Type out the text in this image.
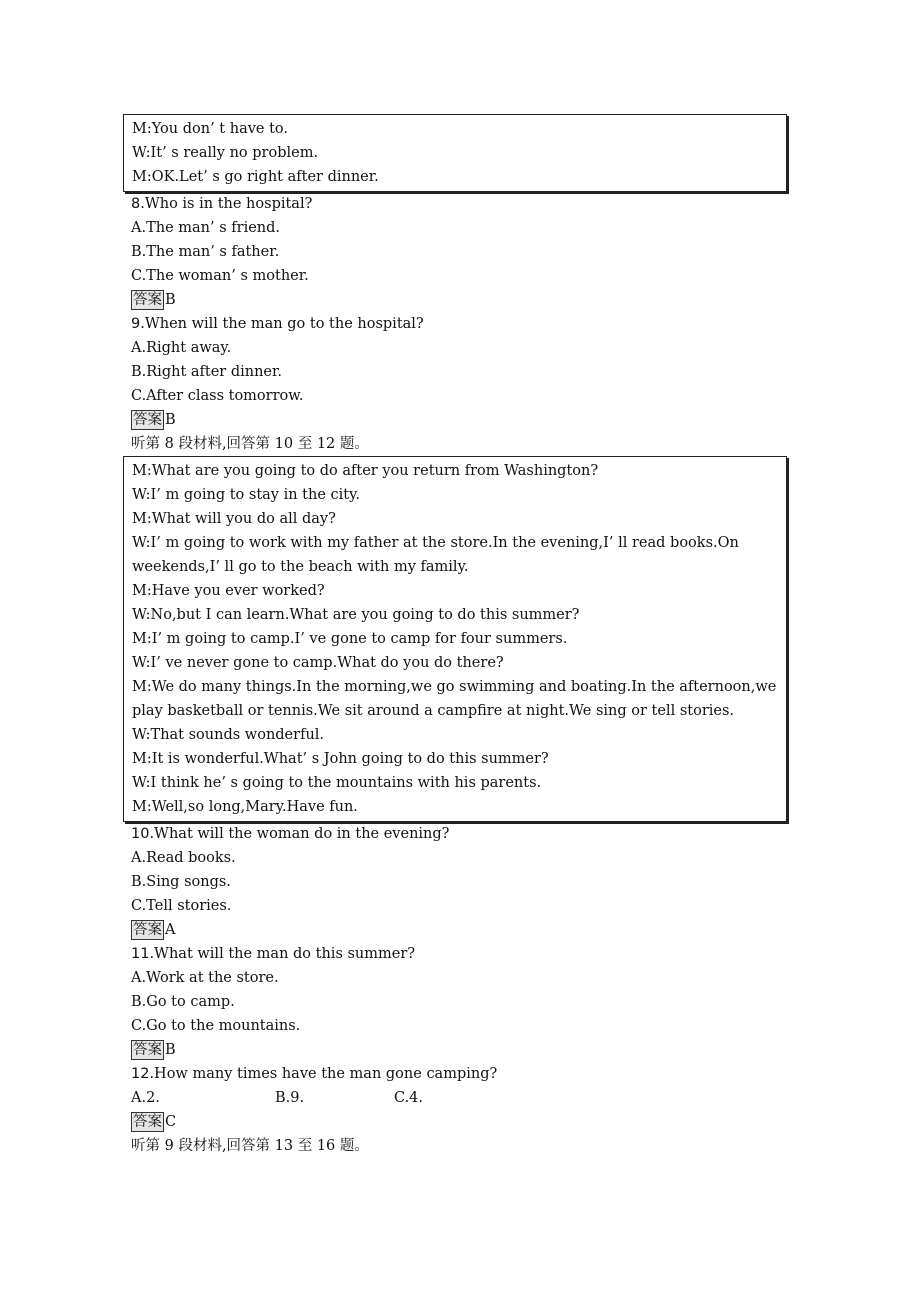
M:You don’ t have to.
W:It’ s really no problem.
M:OK.Let’ s go right after dinner.
8.Who is in the hospital?
A.The man’ s friend.
B.The man’ s father.
C.The woman’ s mother.
答案 B
9.When will the man go to the hospital?
A.Right away.
B.Right after dinner.
C.After class tomorrow.
答案 B
听第 8 段材料,回答第 10 至 12 题。
M:What are you going to do after you return from Washington?
W:I’ m going to stay in the city.
M:What will you do all day?
W:I’ m going to work with my father at the store.In the evening,I’ ll read books.On weekends,I’ ll go to the beach with my family.
M:Have you ever worked?
W:No,but I can learn.What are you going to do this summer?
M:I’ m going to camp.I’ ve gone to camp for four summers.
W:I’ ve never gone to camp.What do you do there?
M:We do many things.In the morning,we go swimming and boating.In the afternoon,we play basketball or tennis.We sit around a campfire at night.We sing or tell stories.
W:That sounds wonderful.
M:It is wonderful.What’ s John going to do this summer?
W:I think he’ s going to the mountains with his parents.
M:Well,so long,Mary.Have fun.
10.What will the woman do in the evening?
A.Read books.
B.Sing songs.
C.Tell stories.
答案 A
11.What will the man do this summer?
A.Work at the store.
B.Go to camp.
C.Go to the mountains.
答案 B
12.How many times have the man gone camping?
A.2.	B.9.	C.4.
答案 C
听第 9 段材料,回答第 13 至 16 题。
